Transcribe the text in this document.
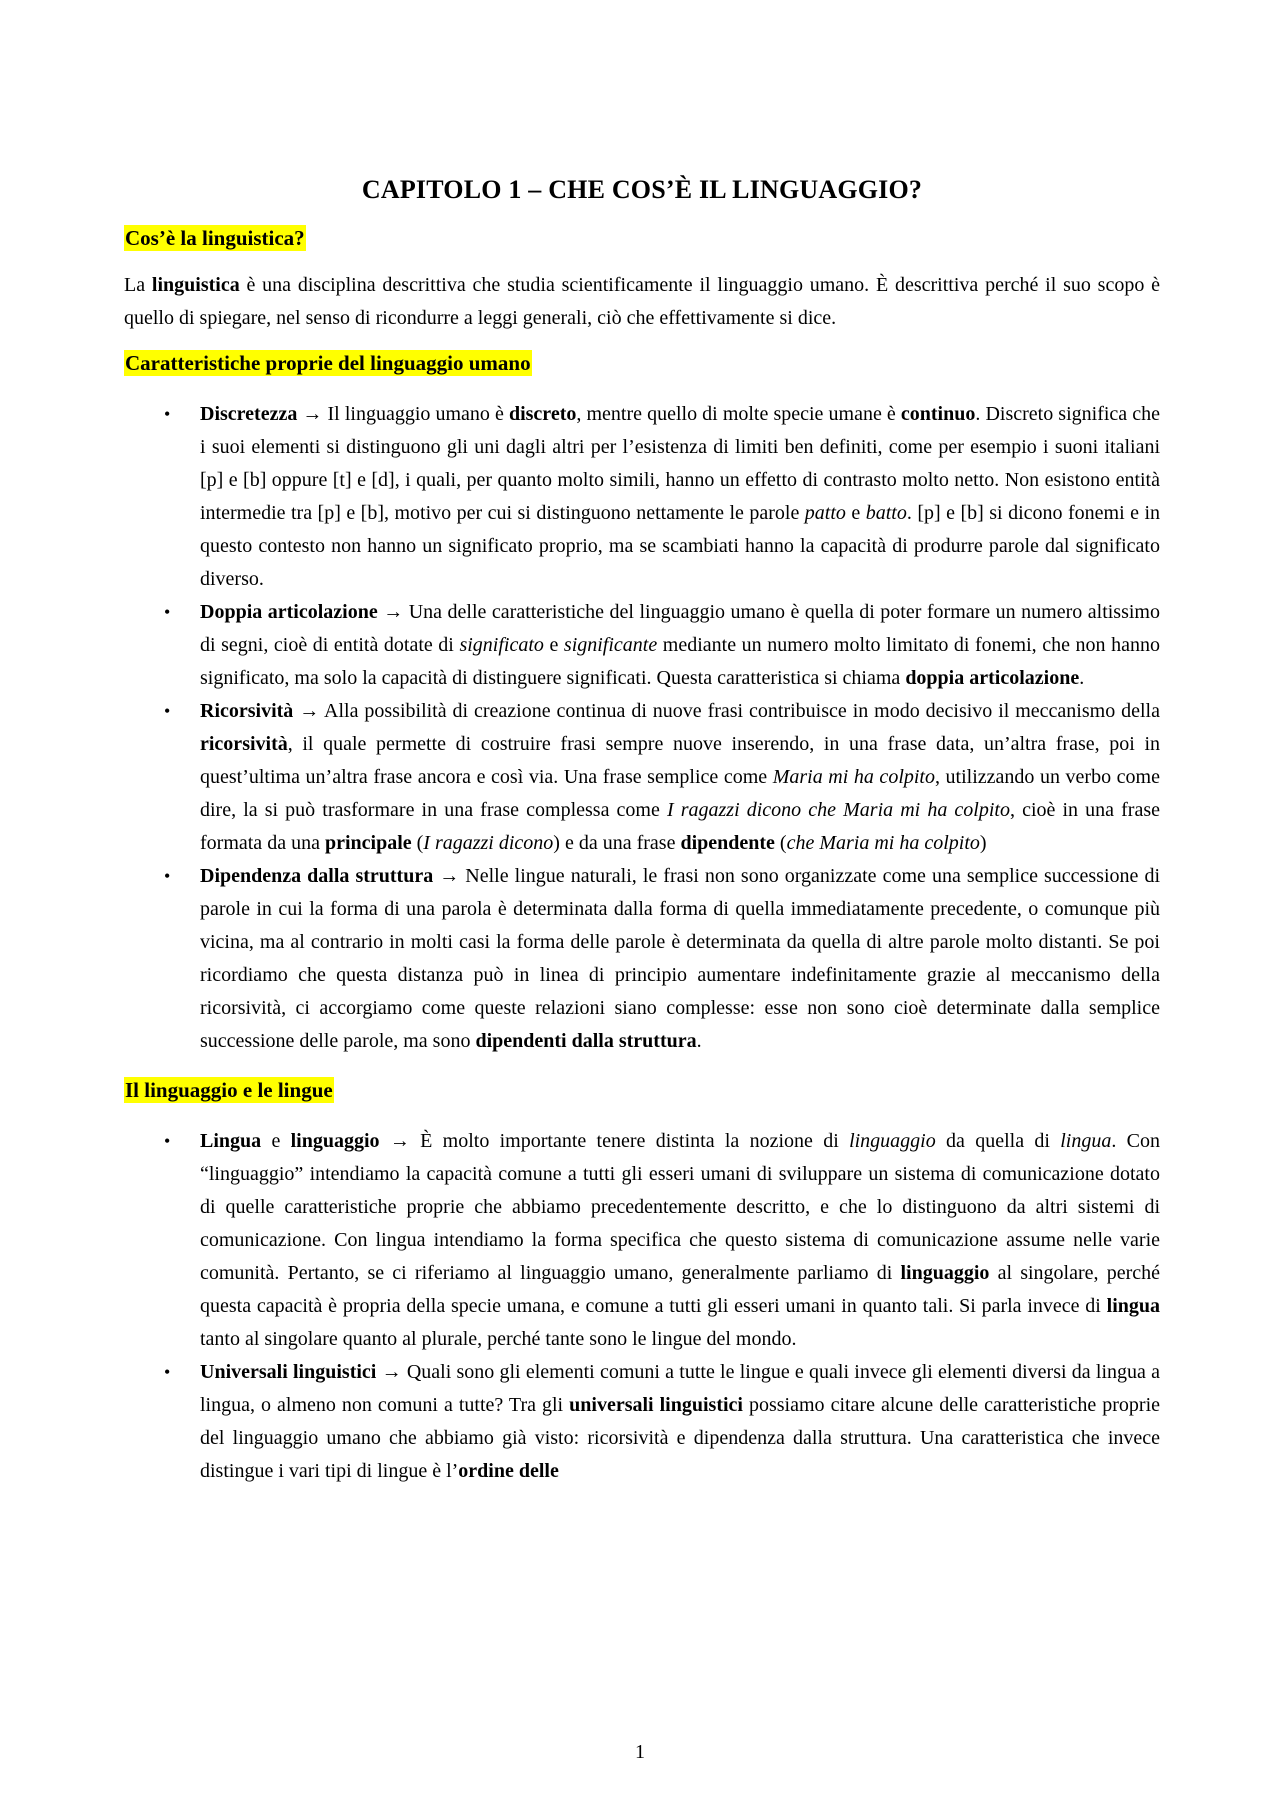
CAPITOLO 1 – CHE COS’È IL LINGUAGGIO?
Cos’è la linguistica?

La linguistica è una disciplina descrittiva che studia scientificamente il linguaggio umano. È descrittiva perché il suo scopo è quello di spiegare, nel senso di ricondurre a leggi generali, ciò che effettivamente si dice.

Caratteristiche proprie del linguaggio umano
• Discretezza → Il linguaggio umano è discreto, mentre quello di molte specie umane è continuo. Discreto significa che i suoi elementi si distinguono gli uni dagli altri per l’esistenza di limiti ben definiti, come per esempio i suoni italiani [p] e [b] oppure [t] e [d], i quali, per quanto molto simili, hanno un effetto di contrasto molto netto. Non esistono entità intermedie tra [p] e [b], motivo per cui si distinguono nettamente le parole patto e batto. [p] e [b] si dicono fonemi e in questo contesto non hanno un significato proprio, ma se scambiati hanno la capacità di produrre parole dal significato diverso.
• Doppia articolazione → Una delle caratteristiche del linguaggio umano è quella di poter formare un numero altissimo di segni, cioè di entità dotate di significato e significante mediante un numero molto limitato di fonemi, che non hanno significato, ma solo la capacità di distinguere significati. Questa caratteristica si chiama doppia articolazione.
• Ricorsività → Alla possibilità di creazione continua di nuove frasi contribuisce in modo decisivo il meccanismo della ricorsività, il quale permette di costruire frasi sempre nuove inserendo, in una frase data, un’altra frase, poi in quest’ultima un’altra frase ancora e così via. Una frase semplice come Maria mi ha colpito, utilizzando un verbo come dire, la si può trasformare in una frase complessa come I ragazzi dicono che Maria mi ha colpito, cioè in una frase formata da una principale (I ragazzi dicono) e da una frase dipendente (che Maria mi ha colpito)
• Dipendenza dalla struttura → Nelle lingue naturali, le frasi non sono organizzate come una semplice successione di parole in cui la forma di una parola è determinata dalla forma di quella immediatamente precedente, o comunque più vicina, ma al contrario in molti casi la forma delle parole è determinata da quella di altre parole molto distanti. Se poi ricordiamo che questa distanza può in linea di principio aumentare indefinitamente grazie al meccanismo della ricorsività, ci accorgiamo come queste relazioni siano complesse: esse non sono cioè determinate dalla semplice successione delle parole, ma sono dipendenti dalla struttura.
Il linguaggio e le lingue
• Lingua e linguaggio → È molto importante tenere distinta la nozione di linguaggio da quella di lingua. Con “linguaggio” intendiamo la capacità comune a tutti gli esseri umani di sviluppare un sistema di comunicazione dotato di quelle caratteristiche proprie che abbiamo precedentemente descritto, e che lo distinguono da altri sistemi di comunicazione. Con lingua intendiamo la forma specifica che questo sistema di comunicazione assume nelle varie comunità. Pertanto, se ci riferiamo al linguaggio umano, generalmente parliamo di linguaggio al singolare, perché questa capacità è propria della specie umana, e comune a tutti gli esseri umani in quanto tali. Si parla invece di lingua tanto al singolare quanto al plurale, perché tante sono le lingue del mondo.
• Universali linguistici → Quali sono gli elementi comuni a tutte le lingue e quali invece gli elementi diversi da lingua a lingua, o almeno non comuni a tutte? Tra gli universali linguistici possiamo citare alcune delle caratteristiche proprie del linguaggio umano che abbiamo già visto: ricorsività e dipendenza dalla struttura. Una caratteristica che invece distingue i vari tipi di lingue è l’ordine delle
1
